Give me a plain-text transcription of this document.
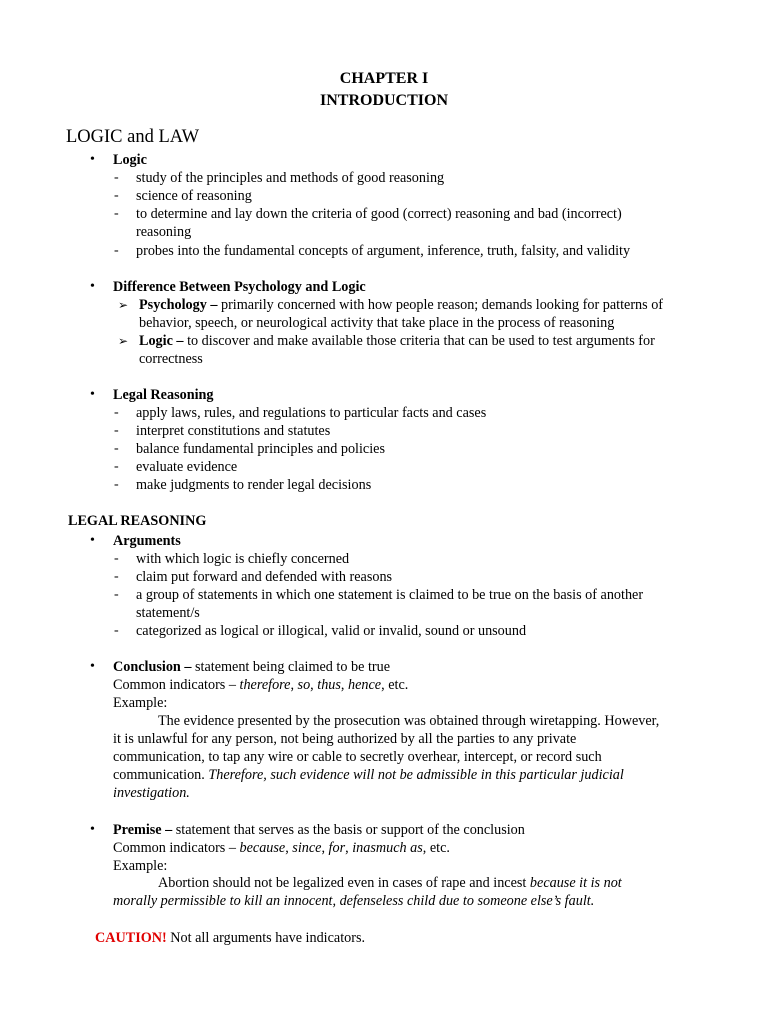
CHAPTER I
INTRODUCTION
LOGIC and LAW
• Logic
- study of the principles and methods of good reasoning
- science of reasoning
- to determine and lay down the criteria of good (correct) reasoning and bad (incorrect)
reasoning
- probes into the fundamental concepts of argument, inference, truth, falsity, and validity
• Difference Between Psychology and Logic
➢ Psychology – primarily concerned with how people reason; demands looking for patterns of
behavior, speech, or neurological activity that take place in the process of reasoning
➢ Logic – to discover and make available those criteria that can be used to test arguments for
correctness
• Legal Reasoning
- apply laws, rules, and regulations to particular facts and cases
- interpret constitutions and statutes
- balance fundamental principles and policies
- evaluate evidence
- make judgments to render legal decisions
LEGAL REASONING
• Arguments
- with which logic is chiefly concerned
- claim put forward and defended with reasons
- a group of statements in which one statement is claimed to be true on the basis of another
statement/s
- categorized as logical or illogical, valid or invalid, sound or unsound
• Conclusion – statement being claimed to be true
Common indicators – therefore, so, thus, hence, etc.
Example:
The evidence presented by the prosecution was obtained through wiretapping. However,
it is unlawful for any person, not being authorized by all the parties to any private
communication, to tap any wire or cable to secretly overhear, intercept, or record such
communication. Therefore, such evidence will not be admissible in this particular judicial
investigation.
• Premise – statement that serves as the basis or support of the conclusion
Common indicators – because, since, for, inasmuch as, etc.
Example:
Abortion should not be legalized even in cases of rape and incest because it is not
morally permissible to kill an innocent, defenseless child due to someone else’s fault.
CAUTION! Not all arguments have indicators.
